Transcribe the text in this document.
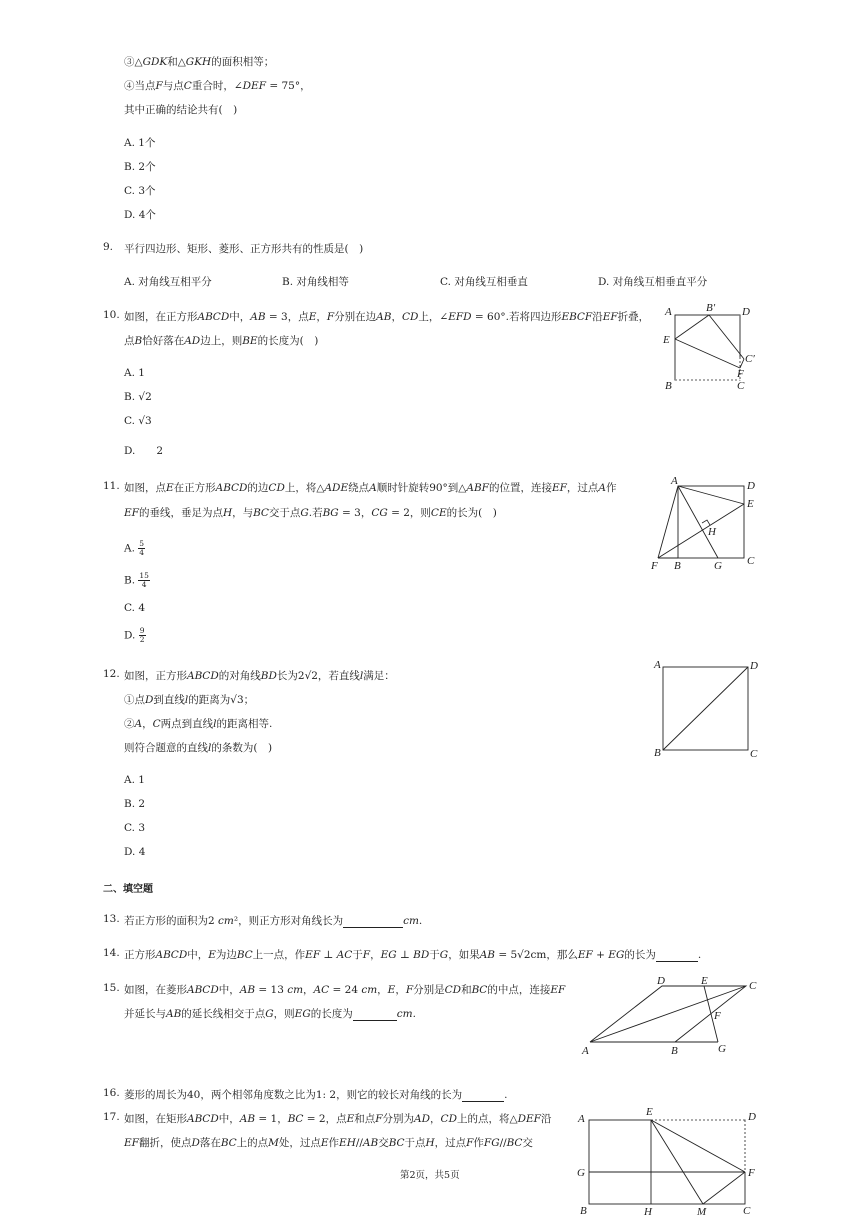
③△𝐺𝐷𝐾和△𝐺𝐾𝐻的面积相等；
④当点𝐹与点𝐶重合时，∠𝐷𝐸𝐹 = 75°，
其中正确的结论共有(　)
A. 1个
B. 2个
C. 3个
D. 4个
9. 平行四边形、矩形、菱形、正方形共有的性质是(　)
A. 对角线互相平分	B. 对角线相等	C. 对角线互相垂直	D. 对角线互相垂直平分
10. 如图，在正方形𝐴𝐵𝐶𝐷中，𝐴𝐵 = 3，点𝐸，𝐹分别在边𝐴𝐵，𝐶𝐷上，∠𝐸𝐹𝐷 = 60°.若将四边形𝐸𝐵𝐶𝐹沿𝐸𝐹折叠，
点𝐵恰好落在𝐴𝐷边上，则𝐵𝐸的长度为(　)
A. 1
B. √2
C. √3
D.　　2
A	B′ D
E
C′
F
B	C
11. 如图，点𝐸在正方形𝐴𝐵𝐶𝐷的边𝐶𝐷上，将△𝐴𝐷𝐸绕点𝐴顺时针旋转90°到△𝐴𝐵𝐹的位置，连接𝐸𝐹，过点𝐴作
𝐸𝐹的垂线，垂足为点𝐻，与𝐵𝐶交于点𝐺.若𝐵𝐺 = 3，𝐶𝐺 = 2，则𝐶𝐸的长为(　)
A. $\frac{5}{4}$
B. $\frac{15}{4}$
C. 4
D. $\frac{9}{2}$
A	D
E
H
F B	G C
12. 如图，正方形𝐴𝐵𝐶𝐷的对角线𝐵𝐷长为2√2，若直线𝑙满足：
①点𝐷到直线𝑙的距离为√3；
②𝐴，𝐶两点到直线𝑙的距离相等.
则符合题意的直线𝑙的条数为(　)
A. 1
B. 2
C. 3
D. 4
A	D
B	C
二、填空题
13. 若正方形的面积为2 𝑐𝑚²，则正方形对角线长为	𝑐𝑚.
14. 正方形𝐴𝐵𝐶𝐷中，𝐸为边𝐵𝐶上一点，作𝐸𝐹 ⊥ 𝐴𝐶于𝐹，𝐸𝐺 ⊥ 𝐵𝐷于𝐺，如果𝐴𝐵 = 5√2cm，那么𝐸𝐹 + 𝐸𝐺的长为	.
15. 如图，在菱形𝐴𝐵𝐶𝐷中，𝐴𝐵 = 13 𝑐𝑚，𝐴𝐶 = 24 𝑐𝑚，𝐸，𝐹分别是𝐶𝐷和𝐵𝐶的中点，连接𝐸𝐹
并延长与𝐴𝐵的延长线相交于点𝐺，则𝐸𝐺的长度为	𝑐𝑚.
D	E	C
F
A	B	G
16. 菱形的周长为40，两个相邻角度数之比为1: 2，则它的较长对角线的长为	.
17. 如图，在矩形𝐴𝐵𝐶𝐷中，𝐴𝐵 = 1，𝐵𝐶 = 2，点𝐸和点𝐹分别为𝐴𝐷，𝐶𝐷上的点，将△𝐷𝐸𝐹沿
𝐸𝐹翻折，使点𝐷落在𝐵𝐶上的点𝑀处，过点𝐸作𝐸𝐻//𝐴𝐵交𝐵𝐶于点𝐻，过点𝐹作𝐹𝐺//𝐵𝐶交
A
E	D
G	F
B	H	M	C
第2页，共5页
